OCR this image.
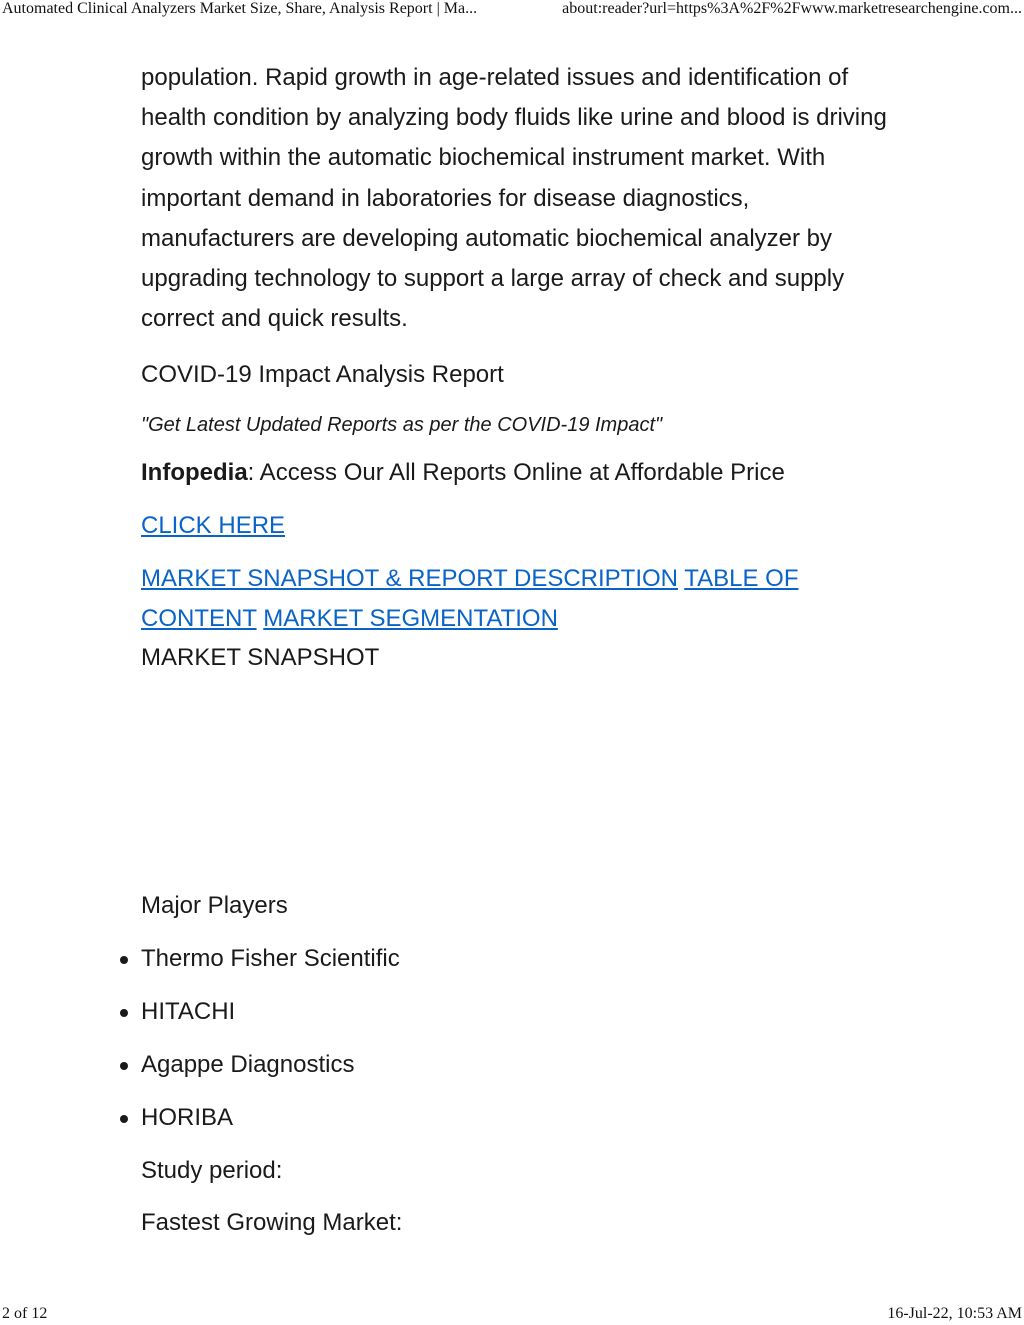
Automated Clinical Analyzers Market Size, Share, Analysis Report | Ma...	about:reader?url=https%3A%2F%2Fwww.marketresearchengine.com...

population. Rapid growth in age-related issues and identification of health condition by analyzing body fluids like urine and blood is driving growth within the automatic biochemical instrument market. With important demand in laboratories for disease diagnostics, manufacturers are developing automatic biochemical analyzer by upgrading technology to support a large array of check and supply correct and quick results.

COVID-19 Impact Analysis Report

"Get Latest Updated Reports as per the COVID-19 Impact"

Infopedia: Access Our All Reports Online at Affordable Price

CLICK HERE
MARKET SNAPSHOT & REPORT DESCRIPTION TABLE OF CONTENT MARKET SEGMENTATION

MARKET SNAPSHOT

Major Players

Thermo Fisher Scientific
HITACHI
Agappe Diagnostics
HORIBA

Study period:

Fastest Growing Market:

2 of 12	16-Jul-22, 10:53 AM
